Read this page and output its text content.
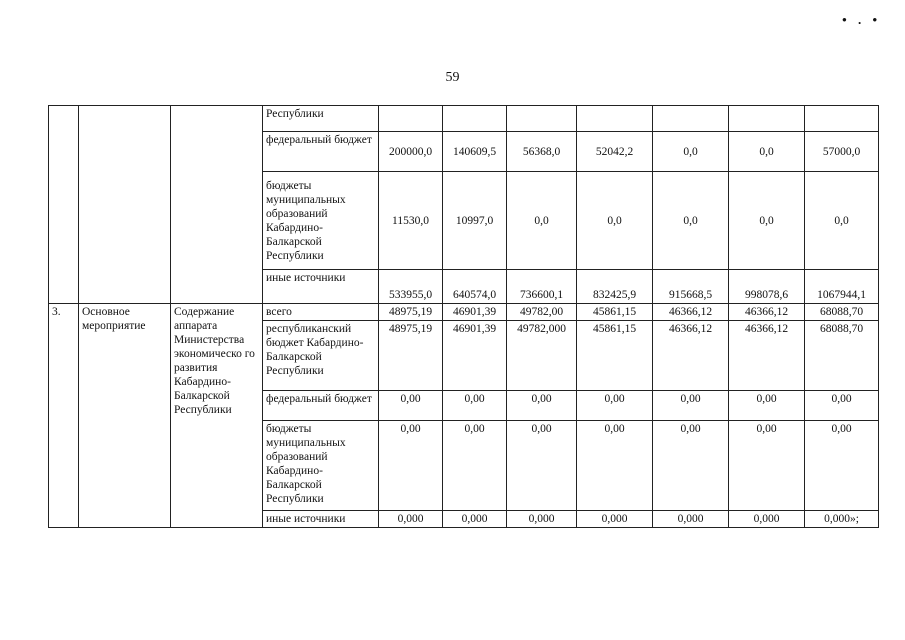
• . •
59
			Республики							
			федеральный бюджет	200000,0	140609,5	56368,0	52042,2	0,0	0,0	57000,0
			бюджеты муниципальных образований Кабардино-Балкарской Республики	11530,0	10997,0	0,0	0,0	0,0	0,0	0,0
			иные источники	533955,0	640574,0	736600,1	832425,9	915668,5	998078,6	1067944,1
3.	Основное мероприятие	Содержание аппарата Министерства экономическо го развития Кабардино-Балкарской Республики	всего	48975,19	46901,39	49782,00	45861,15	46366,12	46366,12	68088,70
			республиканский бюджет Кабардино-Балкарской Республики	48975,19	46901,39	49782,000	45861,15	46366,12	46366,12	68088,70
			федеральный бюджет	0,00	0,00	0,00	0,00	0,00	0,00	0,00
			бюджеты муниципальных образований Кабардино-Балкарской Республики	0,00	0,00	0,00	0,00	0,00	0,00	0,00
			иные источники	0,000	0,000	0,000	0,000	0,000	0,000	0,000»;
